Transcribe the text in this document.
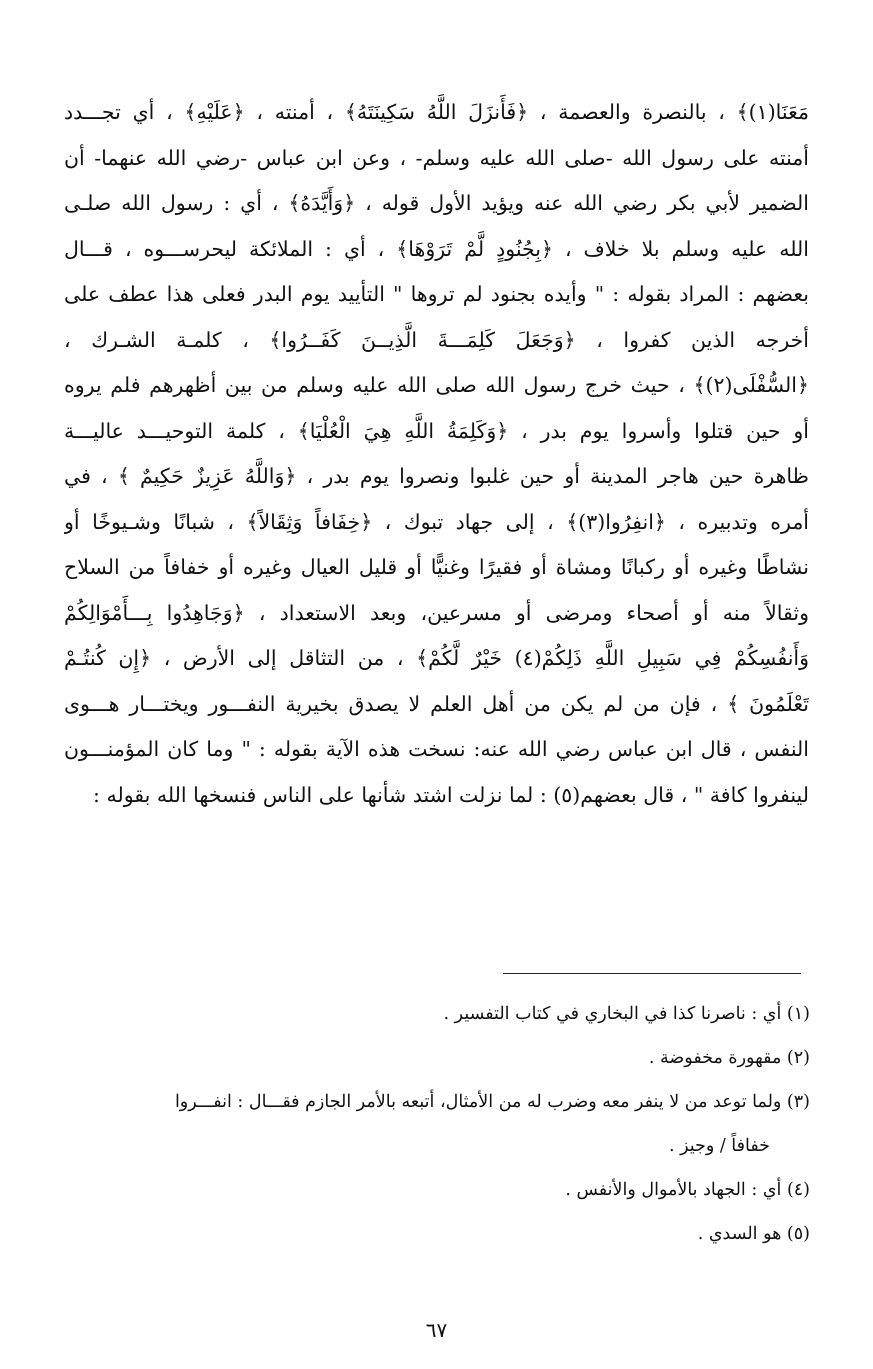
مَعَنَا(١)﴾ ، بالنصرة والعصمة ، ﴿فَأَنزَلَ اللَّهُ سَكِينَتَهُ﴾ ، أمنته ، ﴿عَلَيْهِ﴾ ، أي تجـــدد
أمنته على رسول الله -صلى الله عليه وسلم- ، وعن ابن عباس -رضي الله عنهما- أن
الضمير لأبي بكر رضي الله عنه ويؤيد الأول قوله ، ﴿وَأَيَّدَهُ﴾ ، أي : رسول الله صلـى
الله عليه وسلم بلا خلاف ، ﴿بِجُنُودٍ لَّمْ تَرَوْهَا﴾ ، أي : الملائكة ليحرســـوه ، قـــال
بعضهم : المراد بقوله : " وأيده بجنود لم تروها " التأييد يوم البدر فعلى هذا عطف على
أخرجه الذين كفروا ، ﴿وَجَعَلَ كَلِمَـــةَ الَّذِيــنَ كَفَــرُوا﴾ ، كلمـة الشـرك ،
﴿السُّفْلَى(٢)﴾ ، حيث خرج رسول الله صلى الله عليه وسلم من بين أظهرهم فلم يروه
أو حين قتلوا وأسروا يوم بدر ، ﴿وَكَلِمَةُ اللَّهِ هِيَ الْعُلْيَا﴾ ، كلمة التوحيـــد عاليـــة
ظاهرة حين هاجر المدينة أو حين غلبوا ونصروا يوم بدر ، ﴿وَاللَّهُ عَزِيزٌ حَكِيمٌ ﴾ ، في
أمره وتدبيره ، ﴿انفِرُوا(٣)﴾ ، إلى جهاد تبوك ، ﴿خِفَافاً وَثِقَالاً﴾ ، شبانًا وشـيوخًا أو
نشاطًا وغيره أو ركبانًا ومشاة أو فقيرًا وغنيًّا أو قليل العيال وغيره أو خفافاً من السلاح
وثقالاً منه أو أصحاء ومرضى أو مسرعين، وبعد الاستعداد ، ﴿وَجَاهِدُوا بِـــأَمْوَالِكُمْ
وَأَنفُسِكُمْ فِي سَبِيلِ اللَّهِ ذَلِكُمْ(٤) خَيْرٌ لَّكُمْ﴾ ، من التثاقل إلى الأرض ، ﴿إِن كُنتُـمْ
تَعْلَمُونَ ﴾ ، فإن من لم يكن من أهل العلم لا يصدق بخيرية النفـــور ويختـــار هـــوى
النفس ، قال ابن عباس رضي الله عنه: نسخت هذه الآية بقوله : " وما كان المؤمنـــون
لينفروا كافة " ، قال بعضهم(٥) : لما نزلت اشتد شأنها على الناس فنسخها الله بقوله :
(١) أي : ناصرنا كذا في البخاري في كتاب التفسير .
(٢) مقهورة مخفوضة .
(٣) ولما توعد من لا ينفر معه وضرب له من الأمثال، أتبعه بالأمر الجازم فقـــال : انفـــروا
خفافاً / وجيز .
(٤) أي : الجهاد بالأموال والأنفس .
(٥) هو السدي .
٦٧
